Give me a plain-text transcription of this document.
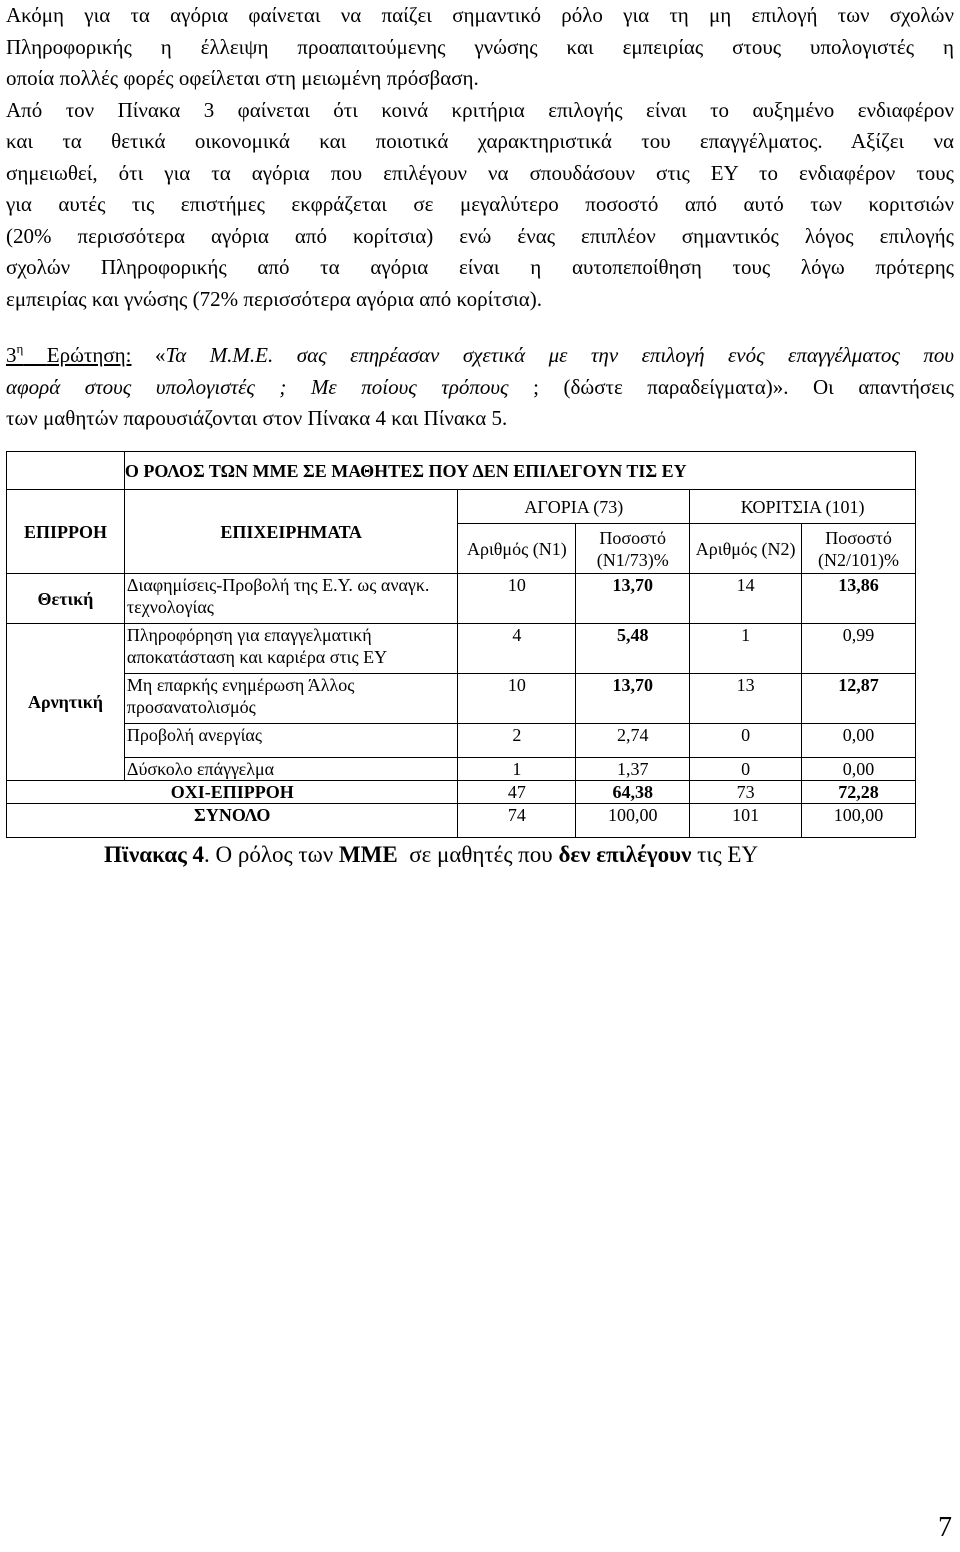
Ακόμη για τα αγόρια φαίνεται να παίζει σημαντικό ρόλο για τη μη επιλογή των σχολών

Πληροφορικής η έλλειψη προαπαιτούμενης γνώσης και εμπειρίας στους υπολογιστές η

οποία πολλές φορές οφείλεται στη μειωμένη πρόσβαση.

Από τον Πίνακα 3 φαίνεται ότι κοινά κριτήρια επιλογής είναι το αυξημένο ενδιαφέρον

και τα θετικά οικονομικά και ποιοτικά χαρακτηριστικά του επαγγέλματος. Αξίζει να

σημειωθεί, ότι για τα αγόρια που επιλέγουν να σπουδάσουν στις ΕΥ το ενδιαφέρον τους

για αυτές τις επιστήμες εκφράζεται σε μεγαλύτερο ποσοστό από αυτό των κοριτσιών

(20% περισσότερα αγόρια από κορίτσια) ενώ ένας επιπλέον σημαντικός λόγος επιλογής

σχολών Πληροφορικής από τα αγόρια είναι η αυτοπεποίθηση τους λόγω πρότερης

εμπειρίας και γνώσης (72% περισσότερα αγόρια από κορίτσια).

$3^\eta$ Ερώτηση: «Τα Μ.Μ.Ε. σας επηρέασαν σχετικά με την επιλογή ενός επαγγέλματος που

αφορά στους υπολογιστές ; Με ποίους τρόπους ; (δώστε παραδείγματα)». Οι απαντήσεις

των μαθητών παρουσιάζονται στον Πίνακα 4 και Πίνακα 5.

	Ο ΡΟΛΟΣ ΤΩΝ ΜΜΕ ΣΕ ΜΑΘΗΤΕΣ ΠΟΥ ΔΕΝ ΕΠΙΛΕΓΟΥΝ ΤΙΣ ΕΥ				
ΕΠΙΡΡΟΗ	ΕΠΙΧΕΙΡΗΜΑΤΑ	ΑΓΟΡΙΑ (73)		ΚΟΡΙΤΣΙΑ (101)	
		Αριθμός (Ν1)	Ποσοστό (Ν1/73)%	Αριθμός (Ν2)	Ποσοστό (Ν2/101)%
Θετική	Διαφημίσεις-Προβολή της Ε.Υ. ως αναγκ. τεχνολογίας	10	13,70	14	13,86
Αρνητική	Πληροφόρηση για επαγγελματική αποκατάσταση και καριέρα στις ΕΥ	4	5,48	1	0,99
	Μη επαρκής ενημέρωση Άλλος προσανατολισμός	10	13,70	13	12,87
	Προβολή ανεργίας	2	2,74	0	0,00
	Δύσκολο επάγγελμα	1	1,37	0	0,00
ΟΧΙ-ΕΠΙΡΡΟΗ		47	64,38	73	72,28
ΣΥΝΟΛΟ		74	100,00	101	100,00
Πϊνακας 4. Ο ρόλος των ΜΜΕ  σε μαθητές που δεν επιλέγουν τις ΕΥ
7
